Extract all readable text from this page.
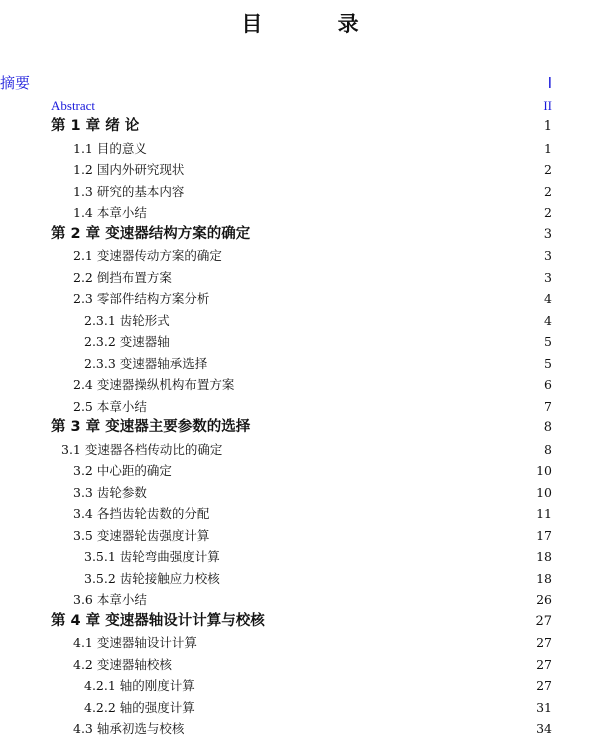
目 录
摘要	I
Abstract	II
第 1 章 绪 论	1
1.1 目的意义	1
1.2 国内外研究现状	2
1.3 研究的基本内容	2
1.4 本章小结	2
第 2 章 变速器结构方案的确定	3
2.1 变速器传动方案的确定	3
2.2 倒挡布置方案	3
2.3 零部件结构方案分析	4
2.3.1 齿轮形式	4
2.3.2 变速器轴	5
2.3.3 变速器轴承选择	5
2.4 变速器操纵机构布置方案	6
2.5 本章小结	7
第 3 章 变速器主要参数的选择	8
3.1 变速器各档传动比的确定	8
3.2 中心距的确定	10
3.3 齿轮参数	10
3.4 各挡齿轮齿数的分配	11
3.5 变速器轮齿强度计算	17
3.5.1 齿轮弯曲强度计算	18
3.5.2 齿轮接触应力校核	18
3.6 本章小结	26
第 4 章 变速器轴设计计算与校核	27
4.1 变速器轴设计计算	27
4.2 变速器轴校核	27
4.2.1 轴的刚度计算	27
4.2.2 轴的强度计算	31
4.3 轴承初选与校核	34
